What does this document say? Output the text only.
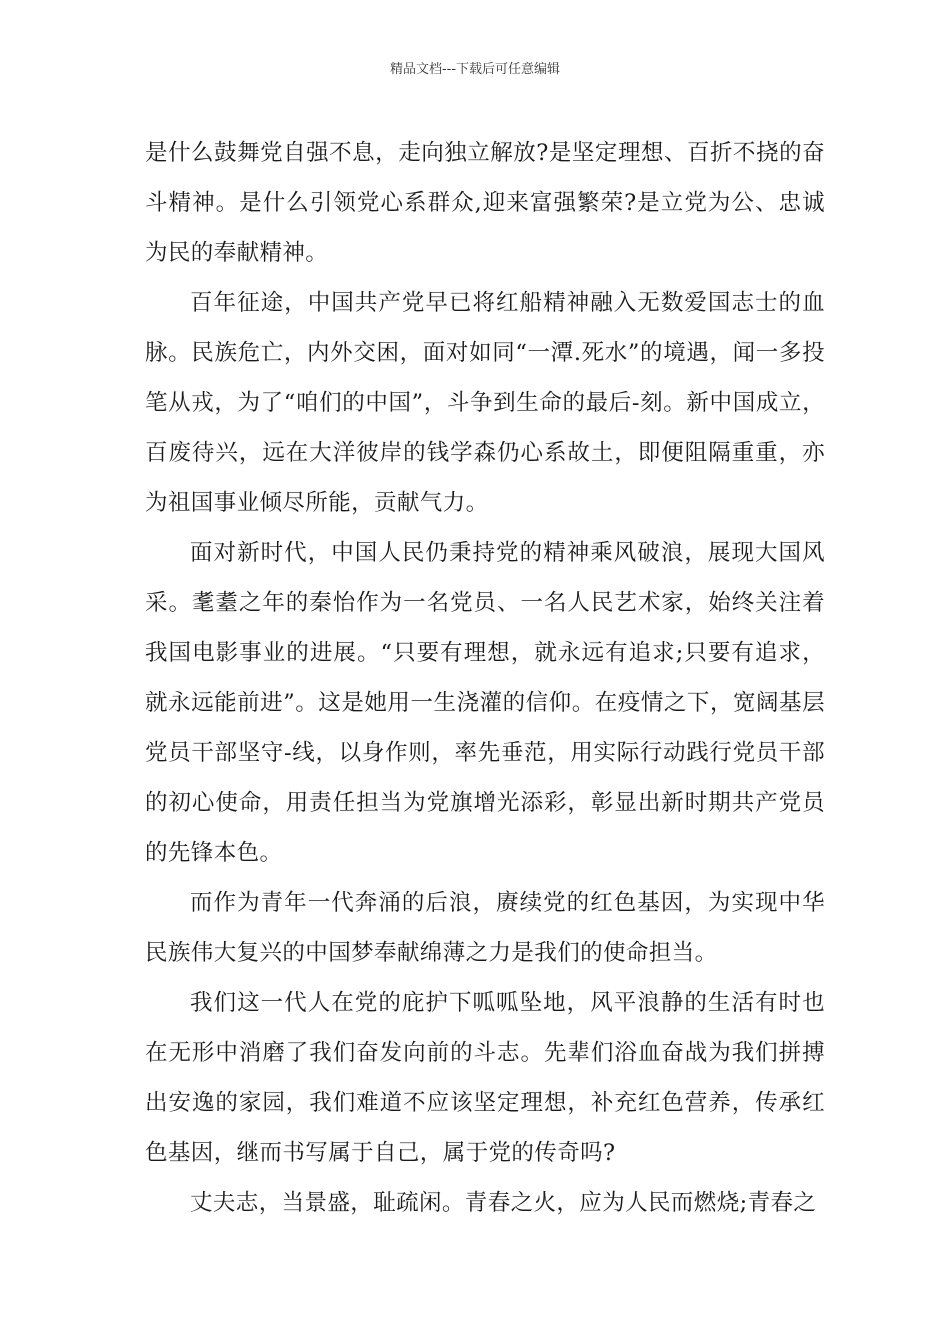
精品文档---下载后可任意编辑

是什么鼓舞党自强不息，走向独立解放?是坚定理想、百折不挠的奋斗精神。是什么引领党心系群众,迎来富强繁荣?是立党为公、忠诚为民的奉献精神。

百年征途，中国共产党早已将红船精神融入无数爱国志士的血脉。民族危亡，内外交困，面对如同“一潭.死水”的境遇，闻一多投笔从戎，为了“咱们的中国”，斗争到生命的最后-刻。新中国成立，百废待兴，远在大洋彼岸的钱学森仍心系故土，即便阻隔重重，亦为祖国事业倾尽所能，贡献气力。

面对新时代，中国人民仍秉持党的精神乘风破浪，展现大国风采。耄耋之年的秦怡作为一名党员、一名人民艺术家，始终关注着我国电影事业的进展。“只要有理想，就永远有追求;只要有追求，就永远能前进”。这是她用一生浇灌的信仰。在疫情之下，宽阔基层党员干部坚守-线，以身作则，率先垂范，用实际行动践行党员干部的初心使命，用责任担当为党旗增光添彩，彰显出新时期共产党员的先锋本色。

而作为青年一代奔涌的后浪，赓续党的红色基因，为实现中华民族伟大复兴的中国梦奉献绵薄之力是我们的使命担当。

我们这一代人在党的庇护下呱呱坠地，风平浪静的生活有时也在无形中消磨了我们奋发向前的斗志。先辈们浴血奋战为我们拼搏出安逸的家园，我们难道不应该坚定理想，补充红色营养，传承红色基因，继而书写属于自己，属于党的传奇吗?

丈夫志，当景盛，耻疏闲。青春之火，应为人民而燃烧;青春之
